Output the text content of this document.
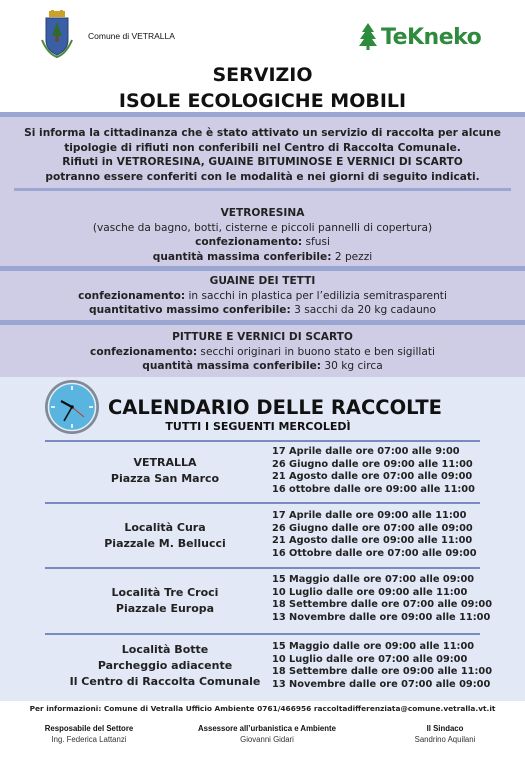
Comune di VETRALLA	TeKneko
SERVIZIO
ISOLE ECOLOGICHE MOBILI
Si informa la cittadinanza che è stato attivato un servizio di raccolta per alcune
tipologie di rifiuti non conferibili nel Centro di Raccolta Comunale.
Rifiuti in VETRORESINA, GUAINE BITUMINOSE E VERNICI DI SCARTO
potranno essere conferiti con le modalità e nei giorni di seguito indicati.
VETRORESINA
(vasche da bagno, botti, cisterne e piccoli pannelli di copertura)
confezionamento: sfusi
quantità massima conferibile: 2 pezzi
GUAINE DEI TETTI
confezionamento: in sacchi in plastica per l’edilizia semitrasparenti
quantitativo massimo conferibile: 3 sacchi da 20 kg cadauno
PITTURE E VERNICI DI SCARTO
confezionamento: secchi originari in buono stato e ben sigillati
quantità massima conferibile: 30 kg circa
CALENDARIO DELLE RACCOLTE
TUTTI I SEGUENTI MERCOLEDÌ
VETRALLA
Piazza San Marco
17 Aprile dalle ore 07:00 alle 9:00
26 Giugno dalle ore 09:00 alle 11:00
21 Agosto dalle ore 07:00 alle 09:00
16 ottobre dalle ore 09:00 alle 11:00
Località Cura
Piazzale M. Bellucci
17 Aprile dalle ore 09:00 alle 11:00
26 Giugno dalle ore 07:00 alle 09:00
21 Agosto dalle ore 09:00 alle 11:00
16 Ottobre dalle ore 07:00 alle 09:00
Località Tre Croci
Piazzale Europa
15 Maggio dalle ore 07:00 alle 09:00
10 Luglio dalle ore 09:00 alle 11:00
18 Settembre dalle ore 07:00 alle 09:00
13 Novembre dalle ore 09:00 alle 11:00
Località Botte
Parcheggio adiacente
Il Centro di Raccolta Comunale
15 Maggio dalle ore 09:00 alle 11:00
10 Luglio dalle ore 07:00 alle 09:00
18 Settembre dalle ore 09:00 alle 11:00
13 Novembre dalle ore 07:00 alle 09:00
Per informazioni: Comune di Vetralla Ufficio Ambiente 0761/466956 raccoltadifferenziata@comune.vetralla.vt.it
Resposabile del Settore
Ing. Federica Lattanzi
Assessore all’urbanistica e Ambiente
Giovanni Gidari
Il Sindaco
Sandrino Aquilani
